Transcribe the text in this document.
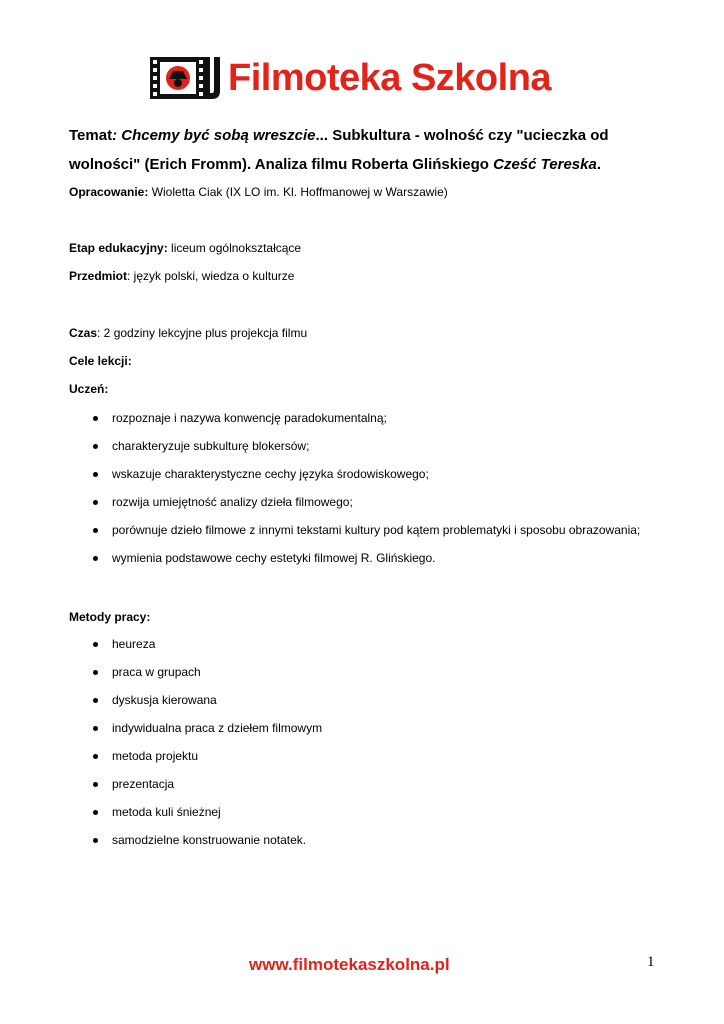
Filmoteka Szkolna
Temat: Chcemy być sobą wreszcie... Subkultura - wolność czy "ucieczka od wolności" (Erich Fromm). Analiza filmu Roberta Glińskiego Cześć Tereska.
Opracowanie: Wioletta Ciak (IX LO im. Kl. Hoffmanowej w Warszawie)
Etap edukacyjny: liceum ogólnokształcące
Przedmiot: język polski, wiedza o kulturze
Czas: 2 godziny lekcyjne plus projekcja filmu
Cele lekcji:
Uczeń:
rozpoznaje i nazywa konwencję paradokumentalną;
charakteryzuje subkulturę blokersów;
wskazuje charakterystyczne cechy języka środowiskowego;
rozwija umiejętność analizy dzieła filmowego;
porównuje dzieło filmowe z innymi tekstami kultury pod kątem problematyki i sposobu obrazowania;
wymienia podstawowe cechy estetyki filmowej R. Glińskiego.
Metody pracy:
heureza
praca w grupach
dyskusja kierowana
indywidualna praca z dziełem filmowym
metoda projektu
prezentacja
metoda kuli śnieżnej
samodzielne konstruowanie notatek.
www.filmotekaszkolna.pl	1
